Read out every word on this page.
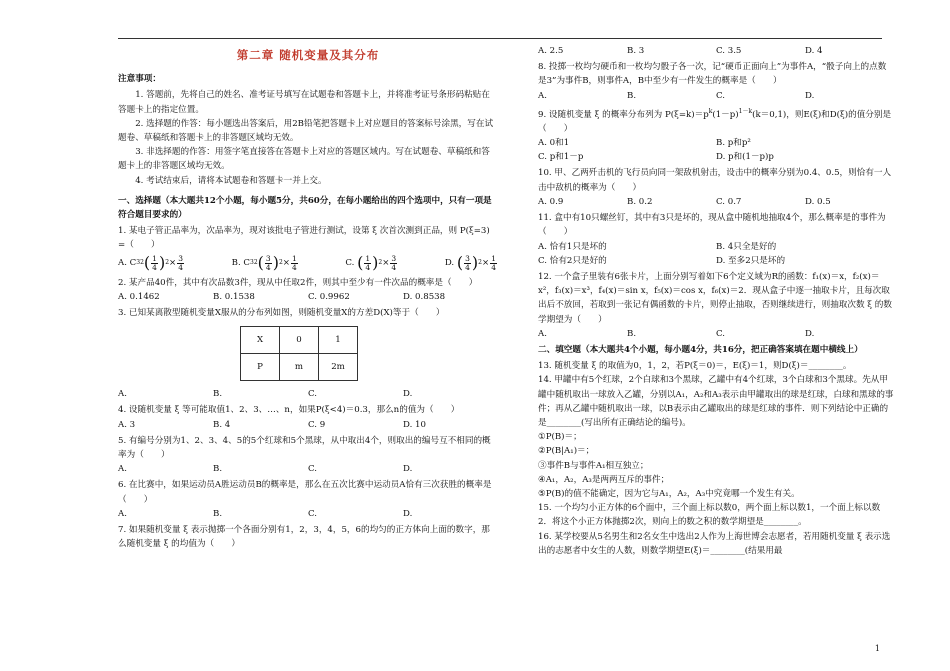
第二章 随机变量及其分布
注意事项：

1. 答题前，先将自己的姓名、准考证号填写在试题卷和答题卡上，并将准考证号条形码粘贴在答题卡上的指定位置。

2. 选择题的作答：每小题选出答案后，用2B铅笔把答题卡上对应题目的答案标号涂黑，写在试题卷、草稿纸和答题卡上的非答题区域均无效。

3. 非选择题的作答：用签字笔直接答在答题卡上对应的答题区域内。写在试题卷、草稿纸和答题卡上的非答题区域均无效。

4. 考试结束后，请将本试题卷和答题卡一并上交。

一、选择题（本大题共12个小题，每小题5分，共60分，在每小题给出的四个选项中，只有一项是符合题目要求的）

1. 某电子管正品率为，次品率为，现对该批电子管进行测试，设第 ξ 次首次测到正品，则 P(ξ=3) =（　　）

A. C 3 2 ( $\frac{1}{4}$ ) $2 \times \frac{3}{4}$	B. C 3 2 ( $\frac{3}{4}$ ) $2 \times \frac{1}{4}$	C.
( $\frac{1}{4}$ ) $2 \times \frac{3}{4}$	D.
( $\frac{3}{4}$ ) $2 \times \frac{1}{4}$

2. 某产品40件，其中有次品数3件，现从中任取2件，则其中至少有一件次品的概率是（　　）

A. 0.1462	B. 0.1538	C. 0.9962	D. 0.8538

3. 已知某离散型随机变量X服从的分布列如图，则随机变量X的方差D(X)等于（　　）

X	0	1
P	m	2m
A.	B.	C.	D.

4. 设随机变量 ξ 等可能取值1、2、3、…、n，如果P(ξ<4)＝0.3，那么n的值为（　　）

A. 3	B. 4	C. 9	D. 10

5. 有编号分别为1、2、3、4、5的5个红球和5个黑球，从中取出4个，则取出的编号互不相同的概率为（　　）

A.	B.	C.	D.

6. 在比赛中，如果运动员A胜运动员B的概率是，那么在五次比赛中运动员A恰有三次获胜的概率是（　　）

A.	B.	C.	D.

7. 如果随机变量 ξ 表示抛掷一个各面分别有1，2，3，4，5，6的均匀的正方体向上面的数字，那么随机变量 ξ 的均值为（　　）

A. 2.5	B. 3	C. 3.5	D. 4

8. 投掷一枚均匀硬币和一枚均匀骰子各一次，记“硬币正面向上”为事件A，“骰子向上的点数是3”为事件B，则事件A，B中至少有一件发生的概率是（　　）

A.	B.	C.	D.

9. 设随机变量 ξ 的概率分布列为 $P(\xi=k)=p^k(1-p)^{1-k}(k=0,1)$，则E(ξ)和D(ξ)的值分别是（　　）

A. 0和1	B. p和p²
C. p和1－p	D. p和(1－p)p

10. 甲、乙两歼击机的飞行员向同一架敌机射击，设击中的概率分别为0.4、0.5，则恰有一人击中敌机的概率为（　　）

A. 0.9	B. 0.2	C. 0.7	D. 0.5

11. 盒中有10只螺丝钉，其中有3只是坏的，现从盒中随机地抽取4个，那么概率是的事件为（　　）

A. 恰有1只是坏的	B. 4只全是好的
C. 恰有2只是好的	D. 至多2只是坏的

12. 一个盒子里装有6张卡片，上面分别写着如下6个定义域为R的函数：f₁(x)＝x，f₂(x)＝x²，f₃(x)＝x³，f₄(x)＝sin x，f₅(x)＝cos x，f₆(x)＝2．现从盒子中逐一抽取卡片，且每次取出后不放回，若取到一张记有偶函数的卡片，则停止抽取，否则继续进行，则抽取次数 ξ 的数学期望为（　　）

A.	B.	C.	D.
二、填空题（本大题共4个小题，每小题4分，共16分，把正确答案填在题中横线上）

13. 随机变量 ξ 的取值为0，1，2，若P(ξ＝0)＝，E(ξ)＝1，则D(ξ)＝________。

14. 甲罐中有5个红球，2个白球和3个黑球，乙罐中有4个红球，3个白球和3个黑球。先从甲罐中随机取出一球放入乙罐，分别以A₁，A₂和A₃表示由甲罐取出的球是红球，白球和黑球的事件；再从乙罐中随机取出一球，以B表示由乙罐取出的球是红球的事件．则下列结论中正确的是________(写出所有正确结论的编号)。

①P(B)＝；

②P(B|A₁)＝；

③事件B与事件A₁相互独立；

④A₁，A₂，A₃是两两互斥的事件；

⑤P(B)的值不能确定，因为它与A₁，A₂，A₃中究竟哪一个发生有关。

15. 一个均匀小正方体的6个面中，三个面上标以数0，两个面上标以数1，一个面上标以数2．将这个小正方体抛掷2次，则向上的数之积的数学期望是________。

16. 某学校要从5名男生和2名女生中选出2人作为上海世博会志愿者，若用随机变量 ξ 表示选出的志愿者中女生的人数，则数学期望E(ξ)＝________(结果用最

1
